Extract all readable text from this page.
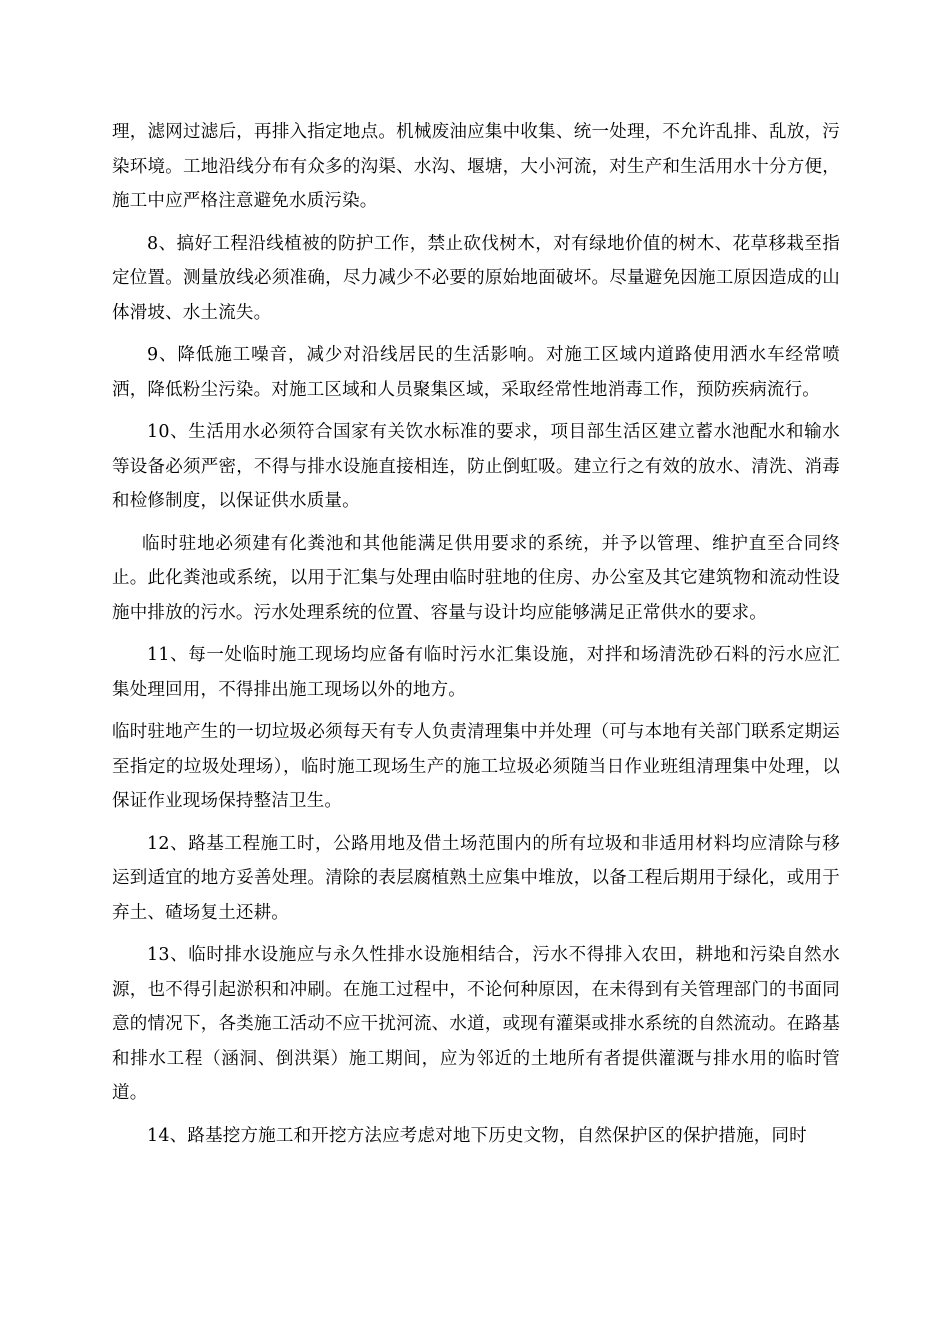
理，滤网过滤后，再排入指定地点。机械废油应集中收集、统一处理，不允许乱排、乱放，污染环境。工地沿线分布有众多的沟渠、水沟、堰塘，大小河流，对生产和生活用水十分方便，施工中应严格注意避免水质污染。

8、搞好工程沿线植被的防护工作，禁止砍伐树木，对有绿地价值的树木、花草移栽至指定位置。测量放线必须准确，尽力减少不必要的原始地面破坏。尽量避免因施工原因造成的山体滑坡、水土流失。

9、降低施工噪音，减少对沿线居民的生活影响。对施工区域内道路使用洒水车经常喷洒，降低粉尘污染。对施工区域和人员聚集区域，采取经常性地消毒工作，预防疾病流行。

10、生活用水必须符合国家有关饮水标准的要求，项目部生活区建立蓄水池配水和输水等设备必须严密，不得与排水设施直接相连，防止倒虹吸。建立行之有效的放水、清洗、消毒和检修制度，以保证供水质量。

临时驻地必须建有化粪池和其他能满足供用要求的系统，并予以管理、维护直至合同终止。此化粪池或系统，以用于汇集与处理由临时驻地的住房、办公室及其它建筑物和流动性设施中排放的污水。污水处理系统的位置、容量与设计均应能够满足正常供水的要求。

11、每一处临时施工现场均应备有临时污水汇集设施，对拌和场清洗砂石料的污水应汇集处理回用，不得排出施工现场以外的地方。

临时驻地产生的一切垃圾必须每天有专人负责清理集中并处理（可与本地有关部门联系定期运至指定的垃圾处理场），临时施工现场生产的施工垃圾必须随当日作业班组清理集中处理，以保证作业现场保持整洁卫生。

12、路基工程施工时，公路用地及借土场范围内的所有垃圾和非适用材料均应清除与移运到适宜的地方妥善处理。清除的表层腐植熟土应集中堆放，以备工程后期用于绿化，或用于弃土、碴场复土还耕。

13、临时排水设施应与永久性排水设施相结合，污水不得排入农田，耕地和污染自然水源，也不得引起淤积和冲刷。在施工过程中，不论何种原因，在未得到有关管理部门的书面同意的情况下，各类施工活动不应干扰河流、水道，或现有灌渠或排水系统的自然流动。在路基和排水工程（涵洞、倒洪渠）施工期间，应为邻近的土地所有者提供灌溉与排水用的临时管道。

14、路基挖方施工和开挖方法应考虑对地下历史文物，自然保护区的保护措施，同时
